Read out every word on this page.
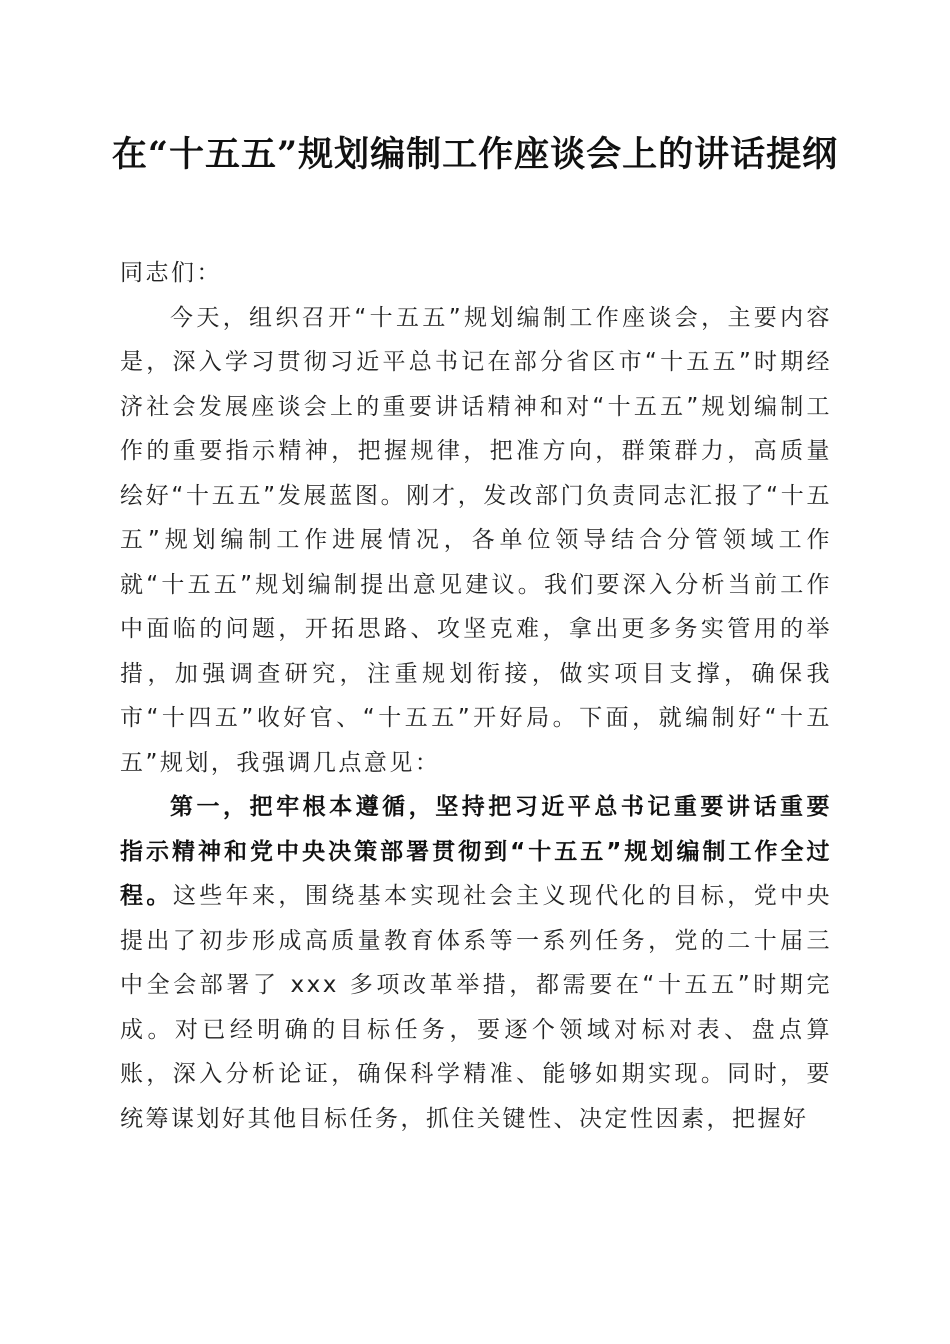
在“十五五”规划编制工作座谈会上的讲话提纲

同志们：

今天，组织召开“十五五”规划编制工作座谈会，主要内容是，深入学习贯彻习近平总书记在部分省区市“十五五”时期经济社会发展座谈会上的重要讲话精神和对“十五五”规划编制工作的重要指示精神，把握规律，把准方向，群策群力，高质量绘好“十五五”发展蓝图。刚才，发改部门负责同志汇报了“十五五”规划编制工作进展情况，各单位领导结合分管领域工作就“十五五”规划编制提出意见建议。我们要深入分析当前工作中面临的问题，开拓思路、攻坚克难，拿出更多务实管用的举措，加强调查研究，注重规划衔接，做实项目支撑，确保我市“十四五”收好官、“十五五”开好局。下面，就编制好“十五五”规划，我强调几点意见：

第一，把牢根本遵循，坚持把习近平总书记重要讲话重要指示精神和党中央决策部署贯彻到“十五五”规划编制工作全过程。这些年来，围绕基本实现社会主义现代化的目标，党中央提出了初步形成高质量教育体系等一系列任务，党的二十届三中全会部署了 xxx 多项改革举措，都需要在“十五五”时期完成。对已经明确的目标任务，要逐个领域对标对表、盘点算账，深入分析论证，确保科学精准、能够如期实现。同时，要统筹谋划好其他目标任务，抓住关键性、决定性因素，把握好
